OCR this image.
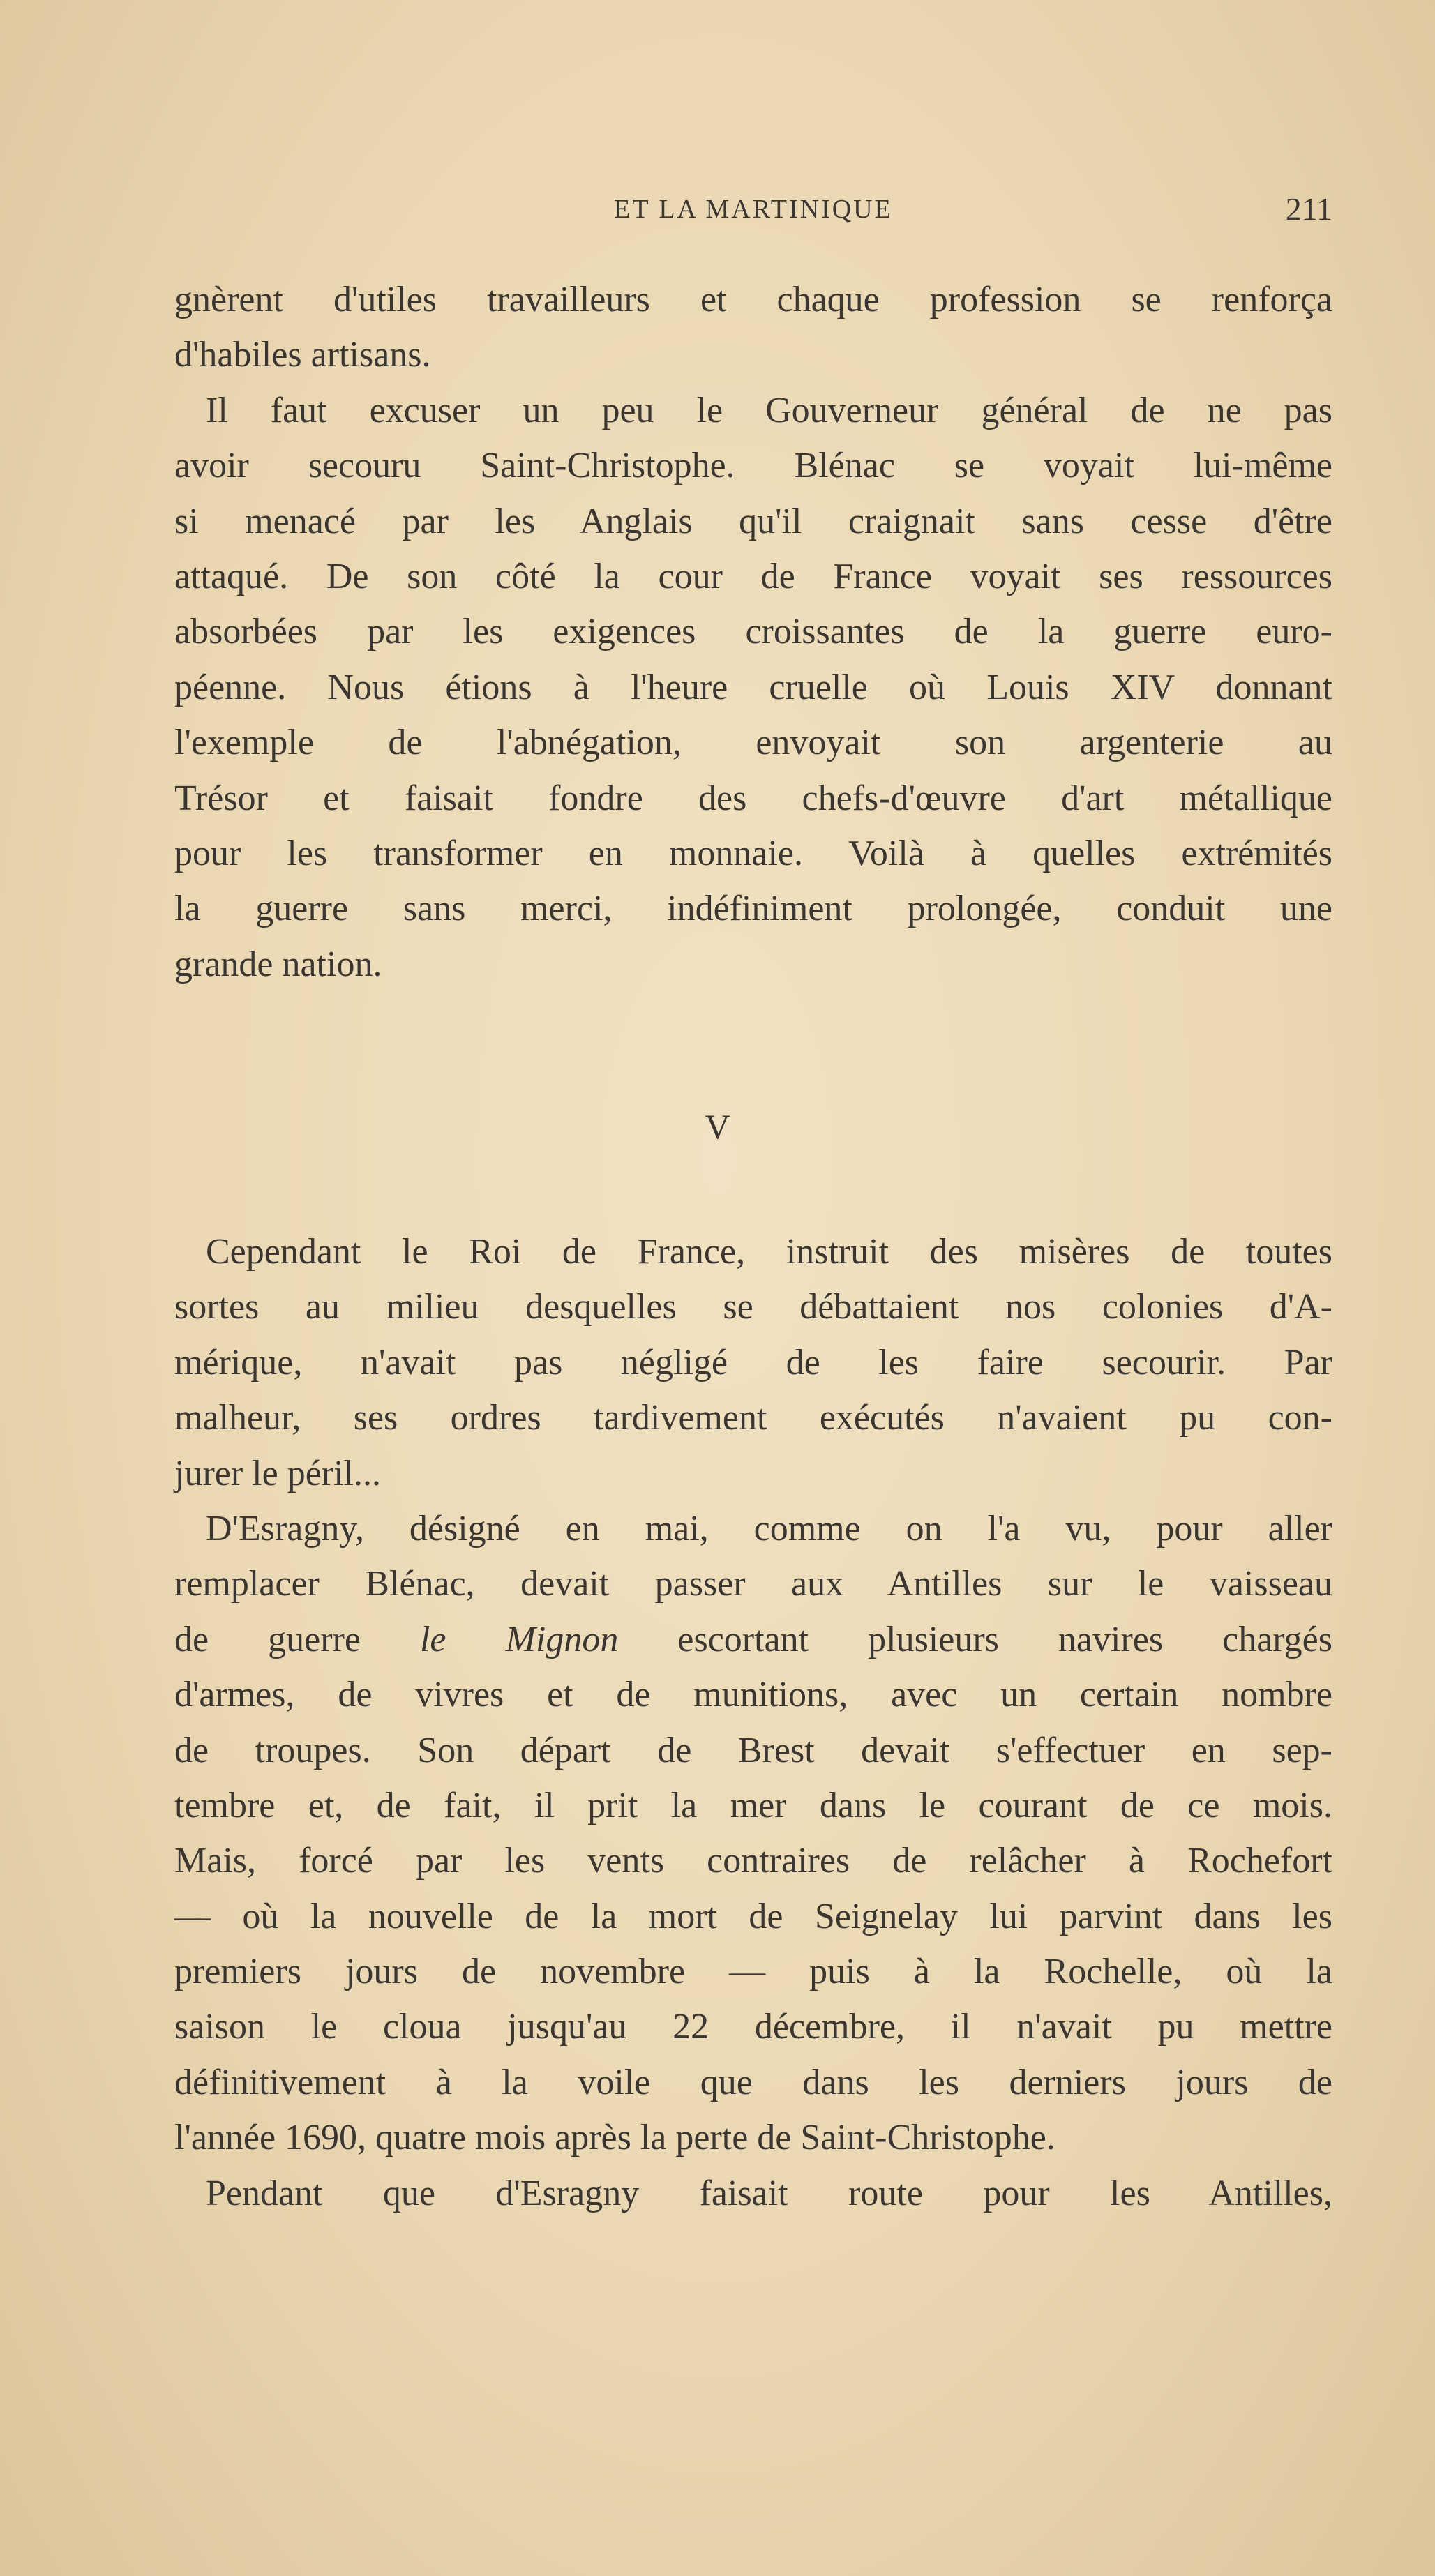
ET LA MARTINIQUE	211
gnèrent d'utiles travailleurs et chaque profession se renforça
d'habiles artisans.
Il faut excuser un peu le Gouverneur général de ne pas
avoir secouru Saint-Christophe. Blénac se voyait lui-même
si menacé par les Anglais qu'il craignait sans cesse d'être
attaqué. De son côté la cour de France voyait ses ressources
absorbées par les exigences croissantes de la guerre euro-
péenne. Nous étions à l'heure cruelle où Louis XIV donnant
l'exemple de l'abnégation, envoyait son argenterie au
Trésor et faisait fondre des chefs-d'œuvre d'art métallique
pour les transformer en monnaie. Voilà à quelles extrémités
la guerre sans merci, indéfiniment prolongée, conduit une
grande nation.
V
Cependant le Roi de France, instruit des misères de toutes
sortes au milieu desquelles se débattaient nos colonies d'A-
mérique, n'avait pas négligé de les faire secourir. Par
malheur, ses ordres tardivement exécutés n'avaient pu con-
jurer le péril...
D'Esragny, désigné en mai, comme on l'a vu, pour aller
remplacer Blénac, devait passer aux Antilles sur le vaisseau
de guerre le Mignon escortant plusieurs navires chargés
d'armes, de vivres et de munitions, avec un certain nombre
de troupes. Son départ de Brest devait s'effectuer en sep-
tembre et, de fait, il prit la mer dans le courant de ce mois.
Mais, forcé par les vents contraires de relâcher à Rochefort
— où la nouvelle de la mort de Seignelay lui parvint dans les
premiers jours de novembre — puis à la Rochelle, où la
saison le cloua jusqu'au 22 décembre, il n'avait pu mettre
définitivement à la voile que dans les derniers jours de
l'année 1690, quatre mois après la perte de Saint-Christophe.
Pendant que d'Esragny faisait route pour les Antilles,
